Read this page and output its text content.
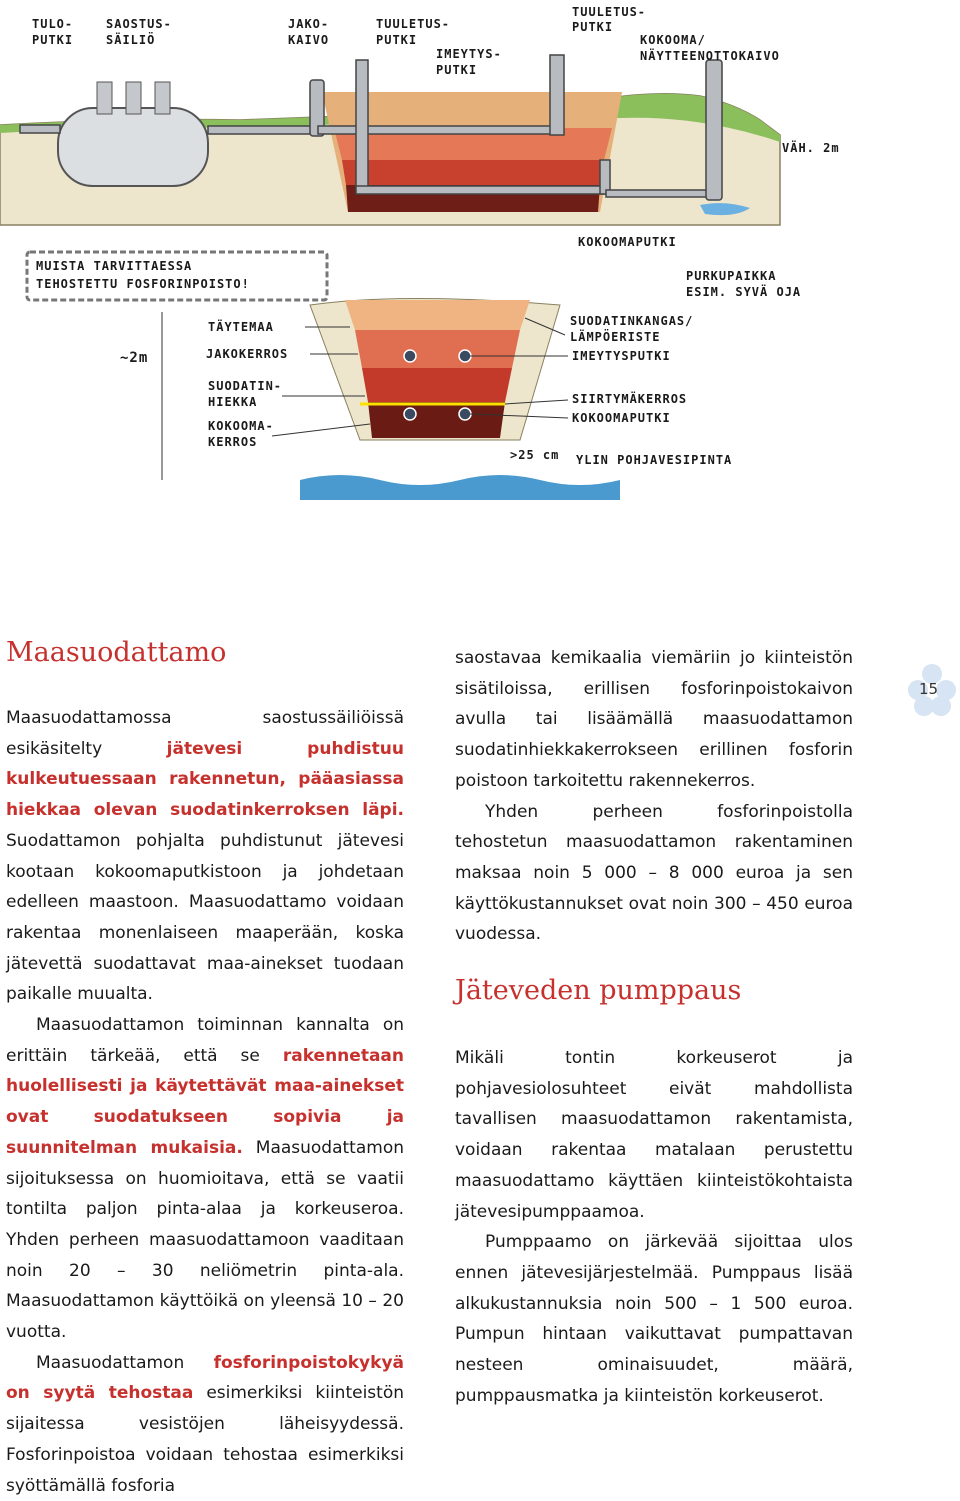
TULO-
PUTKI
SAOSTUS-
SÄILIÖ
JAKO-
KAIVO
TUULETUS-
PUTKI
IMEYTYS-
PUTKI
TUULETUS-
PUTKI
KOKOOMA/
NÄYTTEENOTTOKAIVO
VÄH. 2m
KOKOOMAPUTKI
MUISTA TARVITTAESSA
TEHOSTETTU FOSFORINPOISTO!
PURKUPAIKKA
ESIM. SYVÄ OJA
~2m
TÄYTEMAA
JAKOKERROS
SUODATIN-
HIEKKA
KOKOOMA-
KERROS
SUODATINKANGAS/
LÄMPÖERISTE
IMEYTYSPUTKI
SIIRTYMÄKERROS
KOKOOMAPUTKI
>25 cm YLIN POHJAVESIPINTA
15
Maasuodattamo

Maasuodattamossa saostussäiliöissä esikäsitelty jätevesi puhdistuu kulkeutuessaan rakennetun, pääasiassa hiekkaa olevan suodatinkerroksen läpi. Suodattamon pohjalta puhdistunut jätevesi kootaan kokoomaputkistoon ja johdetaan edelleen maastoon. Maasuodattamo voidaan rakentaa monenlaiseen maaperään, koska jätevettä suodattavat maa-ainekset tuodaan paikalle muualta.

Maasuodattamon toiminnan kannalta on erittäin tärkeää, että se rakennetaan huolellisesti ja käytettävät maa-ainekset ovat suodatukseen sopivia ja suunnitelman mukaisia. Maasuodattamon sijoituksessa on huomioitava, että se vaatii tontilta paljon pinta-alaa ja korkeuseroa. Yhden perheen maasuodattamoon vaaditaan noin 20 – 30 neliömetrin pinta-ala. Maasuodattamon käyttöikä on yleensä 10 – 20 vuotta.

Maasuodattamon fosforinpoistokykyä on syytä tehostaa esimerkiksi kiinteistön sijaitessa vesistöjen läheisyydessä. Fosforinpoistoa voidaan tehostaa esimerkiksi syöttämällä fosforia

saostavaa kemikaalia viemäriin jo kiinteistön sisätiloissa, erillisen fosforinpoistokaivon avulla tai lisäämällä maasuodattamon suodatinhiekkakerrokseen erillinen fosforin poistoon tarkoitettu rakennekerros.

Yhden perheen fosforinpoistolla tehostetun maasuodattamon rakentaminen maksaa noin 5 000 – 8 000 euroa ja sen käyttökustannukset ovat noin 300 – 450 euroa vuodessa.

Jäteveden pumppaus

Mikäli tontin korkeuserot ja pohjavesiolosuhteet eivät mahdollista tavallisen maasuodattamon rakentamista, voidaan rakentaa matalaan perustettu maasuodattamo käyttäen kiinteistökohtaista jätevesipumppaamoa.

Pumppaamo on järkevää sijoittaa ulos ennen jätevesijärjestelmää. Pumppaus lisää alkukustannuksia noin 500 – 1 500 euroa. Pumpun hintaan vaikuttavat pumpattavan nesteen ominaisuudet, määrä, pumppausmatka ja kiinteistön korkeuserot.
